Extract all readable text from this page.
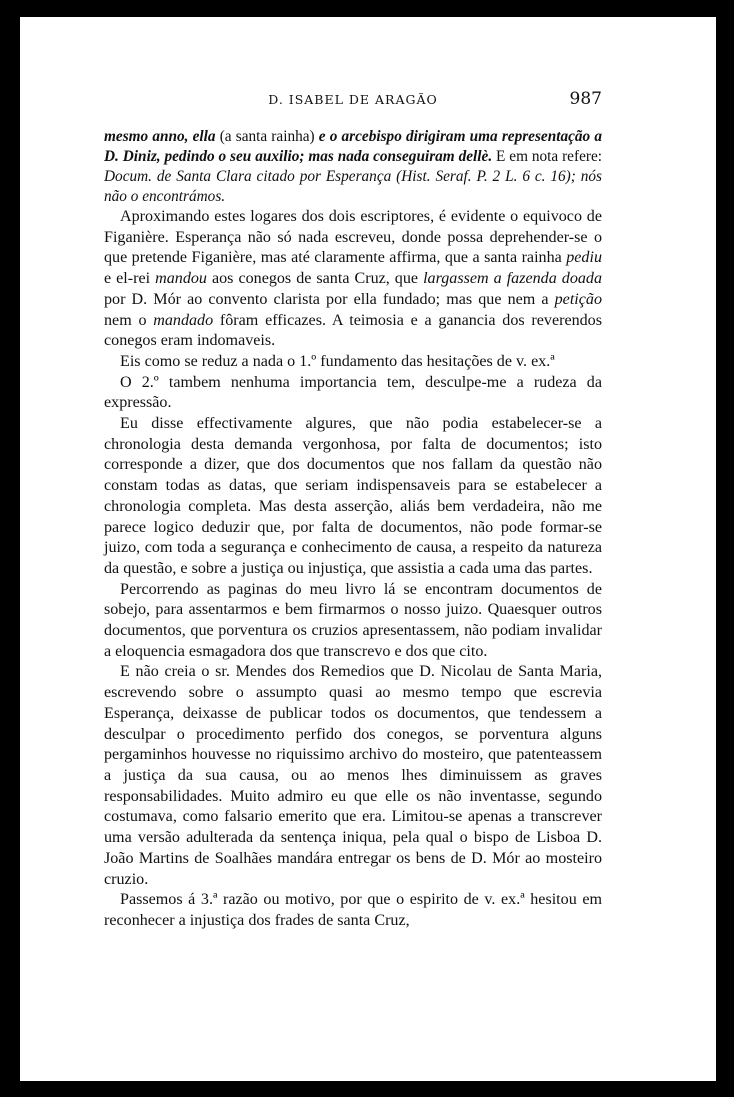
D. ISABEL DE ARAGÃO	987

mesmo anno, ella (a santa rainha) e o arcebispo dirigiram uma representação a D. Diniz, pedindo o seu auxilio; mas nada conseguiram dellè. E em nota refere: Docum. de Santa Clara citado por Esperança (Hist. Seraf. P. 2 L. 6 c. 16); nós não o encontrámos.

Aproximando estes logares dos dois escriptores, é evidente o equivoco de Figanière. Esperança não só nada escreveu, donde possa deprehender-se o que pretende Figanière, mas até claramente affirma, que a santa rainha pediu e el-rei mandou aos conegos de santa Cruz, que largassem a fazenda doada por D. Mór ao convento clarista por ella fundado; mas que nem a petição nem o mandado fôram efficazes. A teimosia e a ganancia dos reverendos conegos eram indomaveis.

Eis como se reduz a nada o 1.º fundamento das hesitações de v. ex.ª

O 2.º tambem nenhuma importancia tem, desculpe-me a rudeza da expressão.

Eu disse effectivamente algures, que não podia estabelecer-se a chronologia desta demanda vergonhosa, por falta de documentos; isto corresponde a dizer, que dos documentos que nos fallam da questão não constam todas as datas, que seriam indispensaveis para se estabelecer a chronologia completa. Mas desta asserção, aliás bem verdadeira, não me parece logico deduzir que, por falta de documentos, não pode formar-se juizo, com toda a segurança e conhecimento de causa, a respeito da natureza da questão, e sobre a justiça ou injustiça, que assistia a cada uma das partes.

Percorrendo as paginas do meu livro lá se encontram documentos de sobejo, para assentarmos e bem firmarmos o nosso juizo. Quaesquer outros documentos, que porventura os cruzios apresentassem, não podiam invalidar a eloquencia esmagadora dos que transcrevo e dos que cito.

E não creia o sr. Mendes dos Remedios que D. Nicolau de Santa Maria, escrevendo sobre o assumpto quasi ao mesmo tempo que escrevia Esperança, deixasse de publicar todos os documentos, que tendessem a desculpar o procedimento perfido dos conegos, se porventura alguns pergaminhos houvesse no riquissimo archivo do mosteiro, que patenteassem a justiça da sua causa, ou ao menos lhes diminuissem as graves responsabilidades. Muito admiro eu que elle os não inventasse, segundo costumava, como falsario emerito que era. Limitou-se apenas a transcrever uma versão adulterada da sentença iniqua, pela qual o bispo de Lisboa D. João Martins de Soalhães mandára entregar os bens de D. Mór ao mosteiro cruzio.

Passemos á 3.ª razão ou motivo, por que o espirito de v. ex.ª hesitou em reconhecer a injustiça dos frades de santa Cruz,
